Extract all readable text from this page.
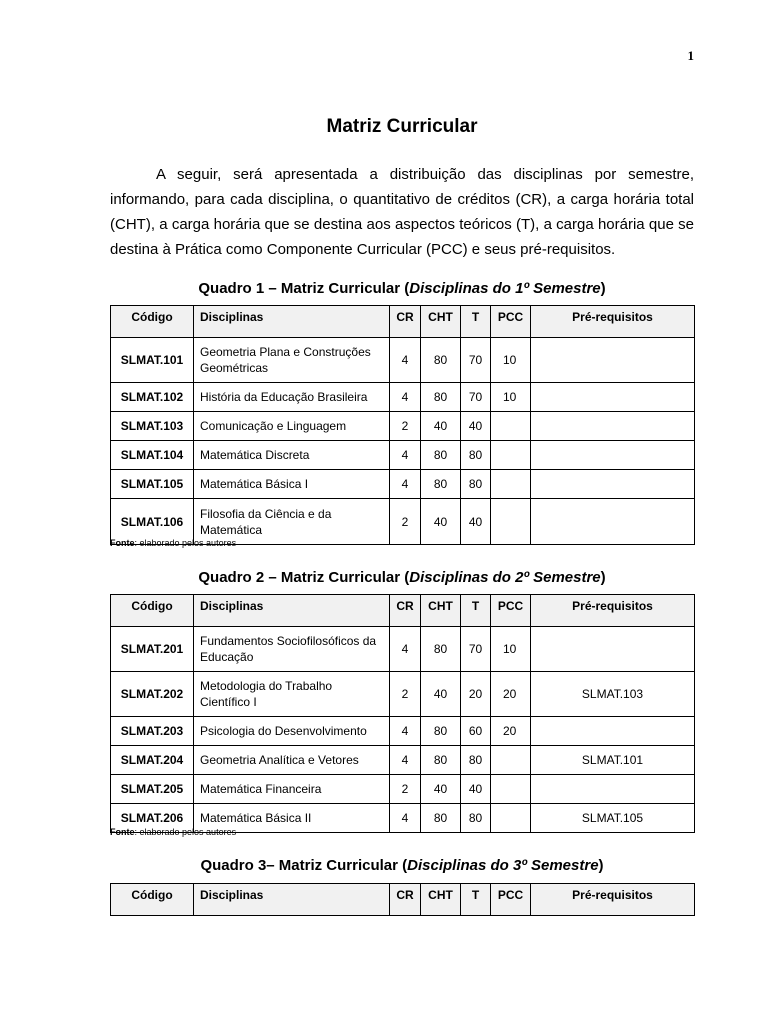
1
Matriz Curricular

A seguir, será apresentada a distribuição das disciplinas por semestre, informando, para cada disciplina, o quantitativo de créditos (CR), a carga horária total (CHT), a carga horária que se destina aos aspectos teóricos (T), a carga horária que se destina à Prática como Componente Curricular (PCC) e seus pré-requisitos.

Quadro 1 – Matriz Curricular (Disciplinas do 1º Semestre)
Código	Disciplinas	CR	CHT	T	PCC	Pré-requisitos
SLMAT.101	Geometria Plana e Construções Geométricas	4	80	70	10	
SLMAT.102	História da Educação Brasileira	4	80	70	10	
SLMAT.103	Comunicação e Linguagem	2	40	40		
SLMAT.104	Matemática Discreta	4	80	80		
SLMAT.105	Matemática Básica I	4	80	80		
SLMAT.106	Filosofia da Ciência e da Matemática	2	40	40		
Fonte: elaborado pelos autores
Quadro 2 – Matriz Curricular (Disciplinas do 2º Semestre)
Código	Disciplinas	CR	CHT	T	PCC	Pré-requisitos
SLMAT.201	Fundamentos Sociofilosóficos da Educação	4	80	70	10	
SLMAT.202	Metodologia do Trabalho Científico I	2	40	20	20	SLMAT.103
SLMAT.203	Psicologia do Desenvolvimento	4	80	60	20	
SLMAT.204	Geometria Analítica e Vetores	4	80	80		SLMAT.101
SLMAT.205	Matemática Financeira	2	40	40		
SLMAT.206	Matemática Básica II	4	80	80		SLMAT.105
Fonte: elaborado pelos autores
Quadro 3– Matriz Curricular (Disciplinas do 3º Semestre)
Código	Disciplinas	CR	CHT	T	PCC	Pré-requisitos
